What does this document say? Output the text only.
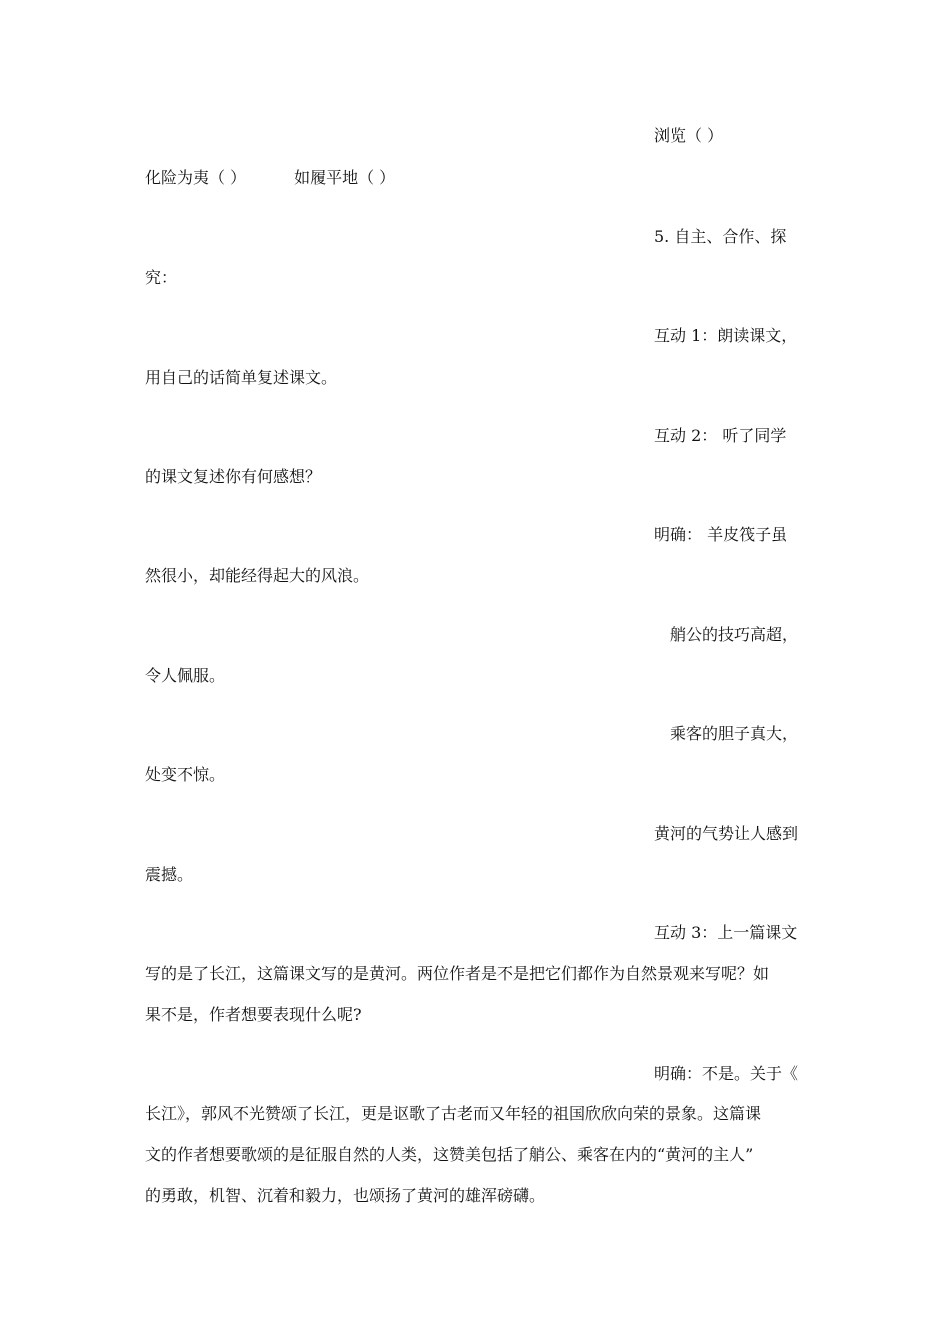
浏览（ ）
化险为夷（ ）	如履平地（ ）
5. 自主、合作、探
究：
互动 1：朗读课文，
用自己的话简单复述课文。
互动 2： 听了同学
的课文复述你有何感想？
明确： 羊皮筏子虽
然很小，却能经得起大的风浪。
艄公的技巧高超，
令人佩服。
乘客的胆子真大，
处变不惊。
黄河的气势让人感到
震撼。
互动 3：上一篇课文
写的是了长江，这篇课文写的是黄河。两位作者是不是把它们都作为自然景观来写呢？如
果不是，作者想要表现什么呢?
明确：不是。关于《
长江》，郭风不光赞颂了长江，更是讴歌了古老而又年轻的祖国欣欣向荣的景象。这篇课
文的作者想要歌颂的是征服自然的人类，这赞美包括了艄公、乘客在内的“黄河的主人”
的勇敢，机智、沉着和毅力，也颂扬了黄河的雄浑磅礴。
